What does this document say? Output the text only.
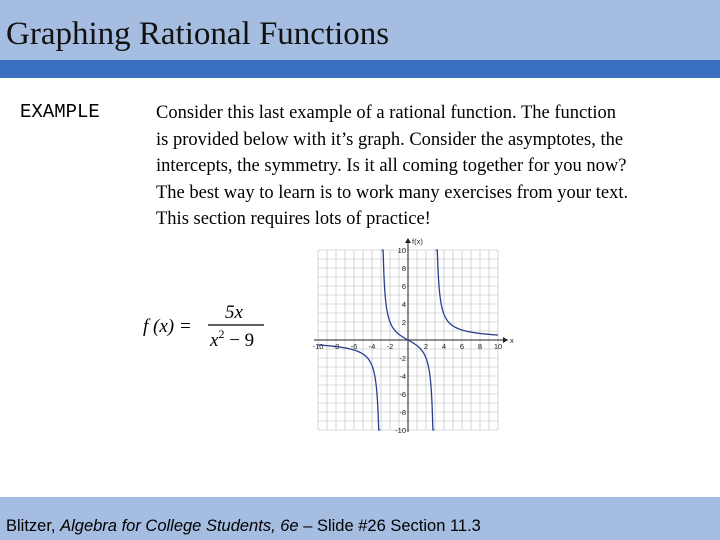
Graphing Rational Functions
EXAMPLE	Consider this last example of a rational function. The function
is provided below with it’s graph. Consider the asymptotes, the
intercepts, the symmetry. Is it all coming together for you now?
The best way to learn is to work many exercises from your text.
This section requires lots of practice!
f (x) =
5x
$x^2 - 9$
10
8
6
4
2
-2
-4
-6
-8
-10
-10 -8 -6 -4 -2	2 4 6 8 10
f(x)
x
Blitzer, Algebra for College Students, 6e – Slide #26 Section 11.3
